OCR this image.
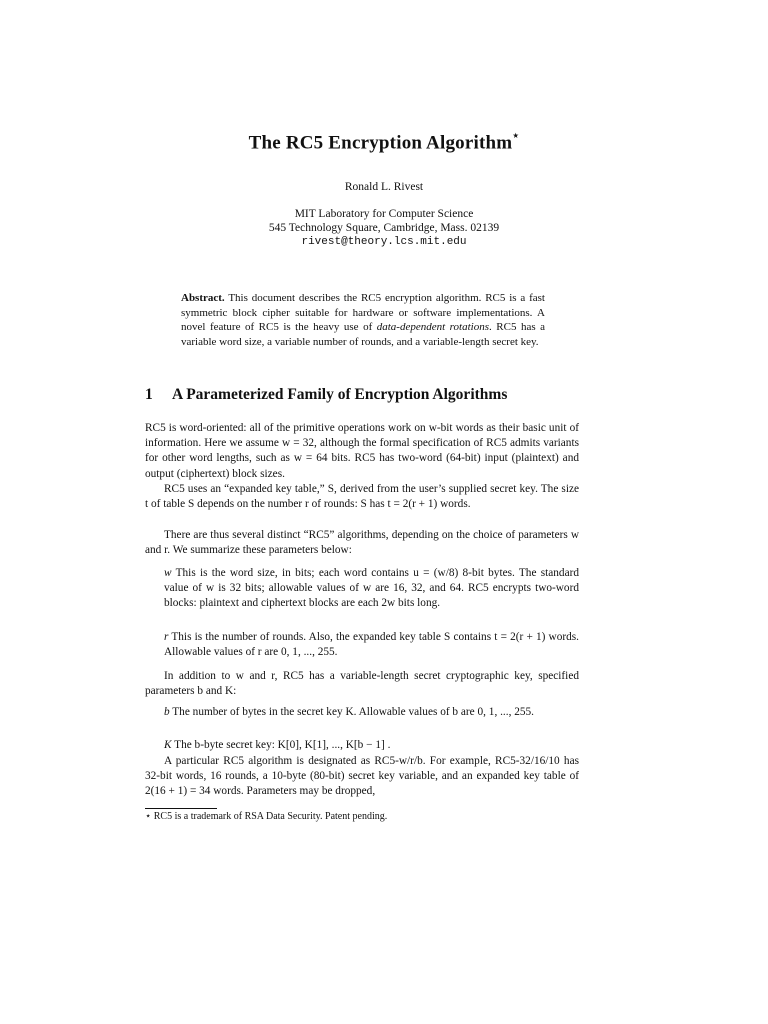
The RC5 Encryption Algorithm⋆
Ronald L. Rivest
MIT Laboratory for Computer Science
545 Technology Square, Cambridge, Mass. 02139
rivest@theory.lcs.mit.edu
Abstract. This document describes the RC5 encryption algorithm. RC5 is a fast symmetric block cipher suitable for hardware or software implementations. A novel feature of RC5 is the heavy use of data-dependent rotations. RC5 has a variable word size, a variable number of rounds, and a variable-length secret key.
1 A Parameterized Family of Encryption Algorithms
RC5 is word-oriented: all of the primitive operations work on w-bit words as their basic unit of information. Here we assume w = 32, although the formal specification of RC5 admits variants for other word lengths, such as w = 64 bits. RC5 has two-word (64-bit) input (plaintext) and output (ciphertext) block sizes.
RC5 uses an “expanded key table,” S, derived from the user’s supplied secret key. The size t of table S depends on the number r of rounds: S has t = 2(r + 1) words.
There are thus several distinct “RC5” algorithms, depending on the choice of parameters w and r. We summarize these parameters below:
w This is the word size, in bits; each word contains u = (w/8) 8-bit bytes. The standard value of w is 32 bits; allowable values of w are 16, 32, and 64. RC5 encrypts two-word blocks: plaintext and ciphertext blocks are each 2w bits long.
r This is the number of rounds. Also, the expanded key table S contains t = 2(r + 1) words. Allowable values of r are 0, 1, ..., 255.
In addition to w and r, RC5 has a variable-length secret cryptographic key, specified parameters b and K:
b The number of bytes in the secret key K. Allowable values of b are 0, 1, ..., 255.
K The b-byte secret key: K[0], K[1], ..., K[b − 1] .
A particular RC5 algorithm is designated as RC5-w/r/b. For example, RC5-32/16/10 has 32-bit words, 16 rounds, a 10-byte (80-bit) secret key variable, and an expanded key table of 2(16 + 1) = 34 words. Parameters may be dropped,
⋆ RC5 is a trademark of RSA Data Security. Patent pending.
